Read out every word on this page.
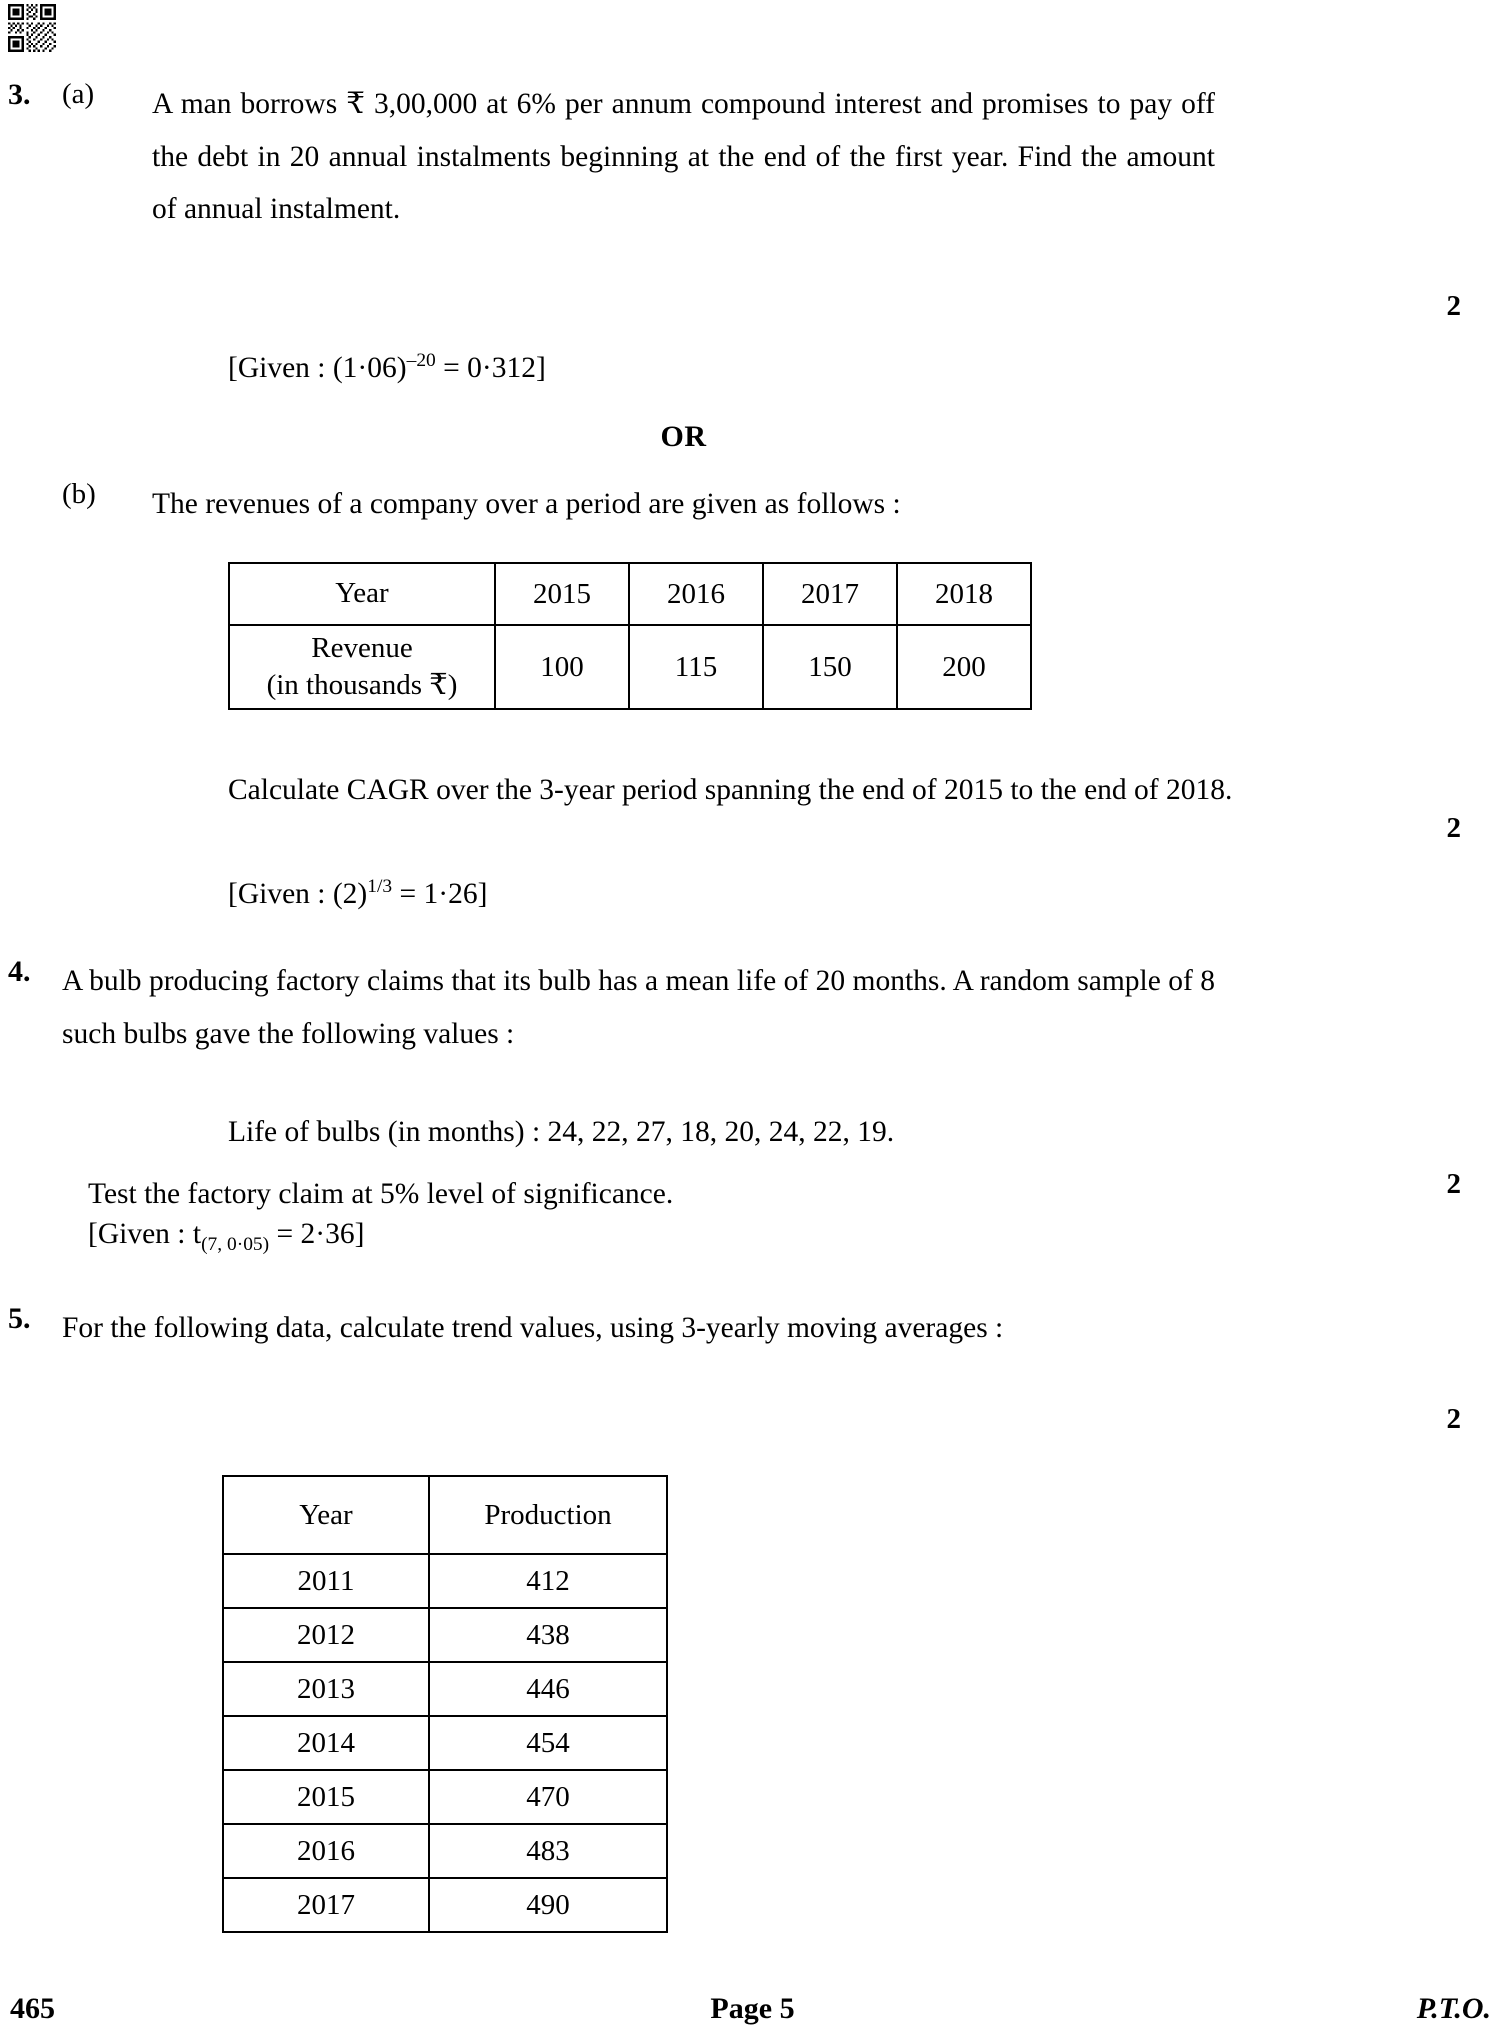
3.	(a)	A man borrows ₹ 3,00,000 at 6% per annum compound interest and promises to pay off the debt in 20 annual instalments beginning at the end of the first year. Find the amount of annual instalment.
2
[Given : $(1\cdot 06)^{-20} = 0\cdot 312$]
OR
(b)	The revenues of a company over a period are given as follows :
Year	2015	2016	2017	2018

Revenue
(in thousands ₹)	100	115	150	200
Calculate CAGR over the 3-year period spanning the end of 2015 to the end of 2018.
2
[Given : $(2)^{1/3} = 1\cdot 26$]
4.	A bulb producing factory claims that its bulb has a mean life of 20 months. A random sample of 8 such bulbs gave the following values :
Life of bulbs (in months) : 24, 22, 27, 18, 20, 24, 22, 19.
Test the factory claim at 5% level of significance.	2
[Given : $t_{(7, 0\cdot 05)} = 2\cdot 36$]
5.	For the following data, calculate trend values, using 3-yearly moving averages :
2
Year	Production
2011	412
2012	438
2013	446
2014	454
2015	470
2016	483
2017	490
465	Page 5	P.T.O.
